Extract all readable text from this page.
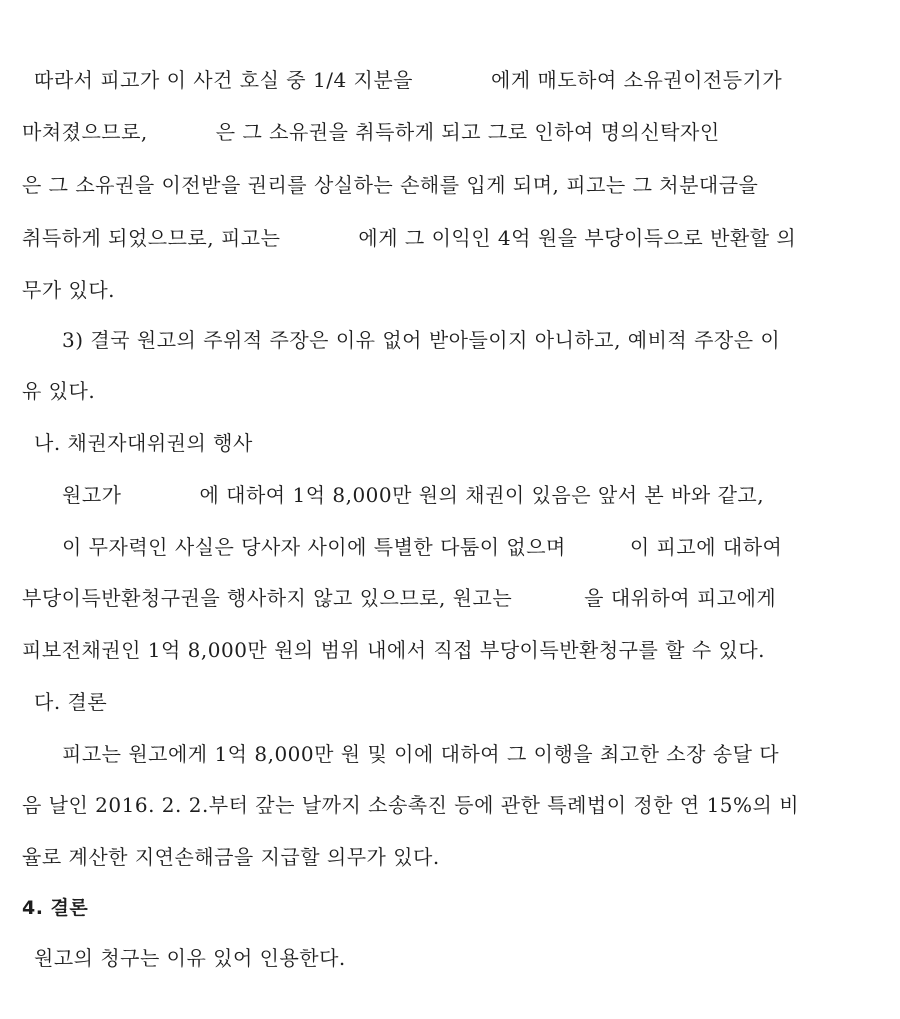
따라서 피고가 이 사건 호실 중 1/4 지분을	에게 매도하여 소유권이전등기가
마쳐졌으므로,	은 그 소유권을 취득하게 되고 그로 인하여 명의신탁자인
은 그 소유권을 이전받을 권리를 상실하는 손해를 입게 되며, 피고는 그 처분대금을
취득하게 되었으므로, 피고는	에게 그 이익인 4억 원을 부당이득으로 반환할 의
무가 있다.
3) 결국 원고의 주위적 주장은 이유 없어 받아들이지 아니하고, 예비적 주장은 이
유 있다.
나. 채권자대위권의 행사
원고가	에 대하여 1억 8,000만 원의 채권이 있음은 앞서 본 바와 같고,
이 무자력인 사실은 당사자 사이에 특별한 다툼이 없으며	이 피고에 대하여
부당이득반환청구권을 행사하지 않고 있으므로, 원고는	을 대위하여 피고에게
피보전채권인 1억 8,000만 원의 범위 내에서 직접 부당이득반환청구를 할 수 있다.
다. 결론
피고는 원고에게 1억 8,000만 원 및 이에 대하여 그 이행을 최고한 소장 송달 다
음 날인 2016. 2. 2.부터 갚는 날까지 소송촉진 등에 관한 특례법이 정한 연 15%의 비
율로 계산한 지연손해금을 지급할 의무가 있다.
4. 결론
원고의 청구는 이유 있어 인용한다.
